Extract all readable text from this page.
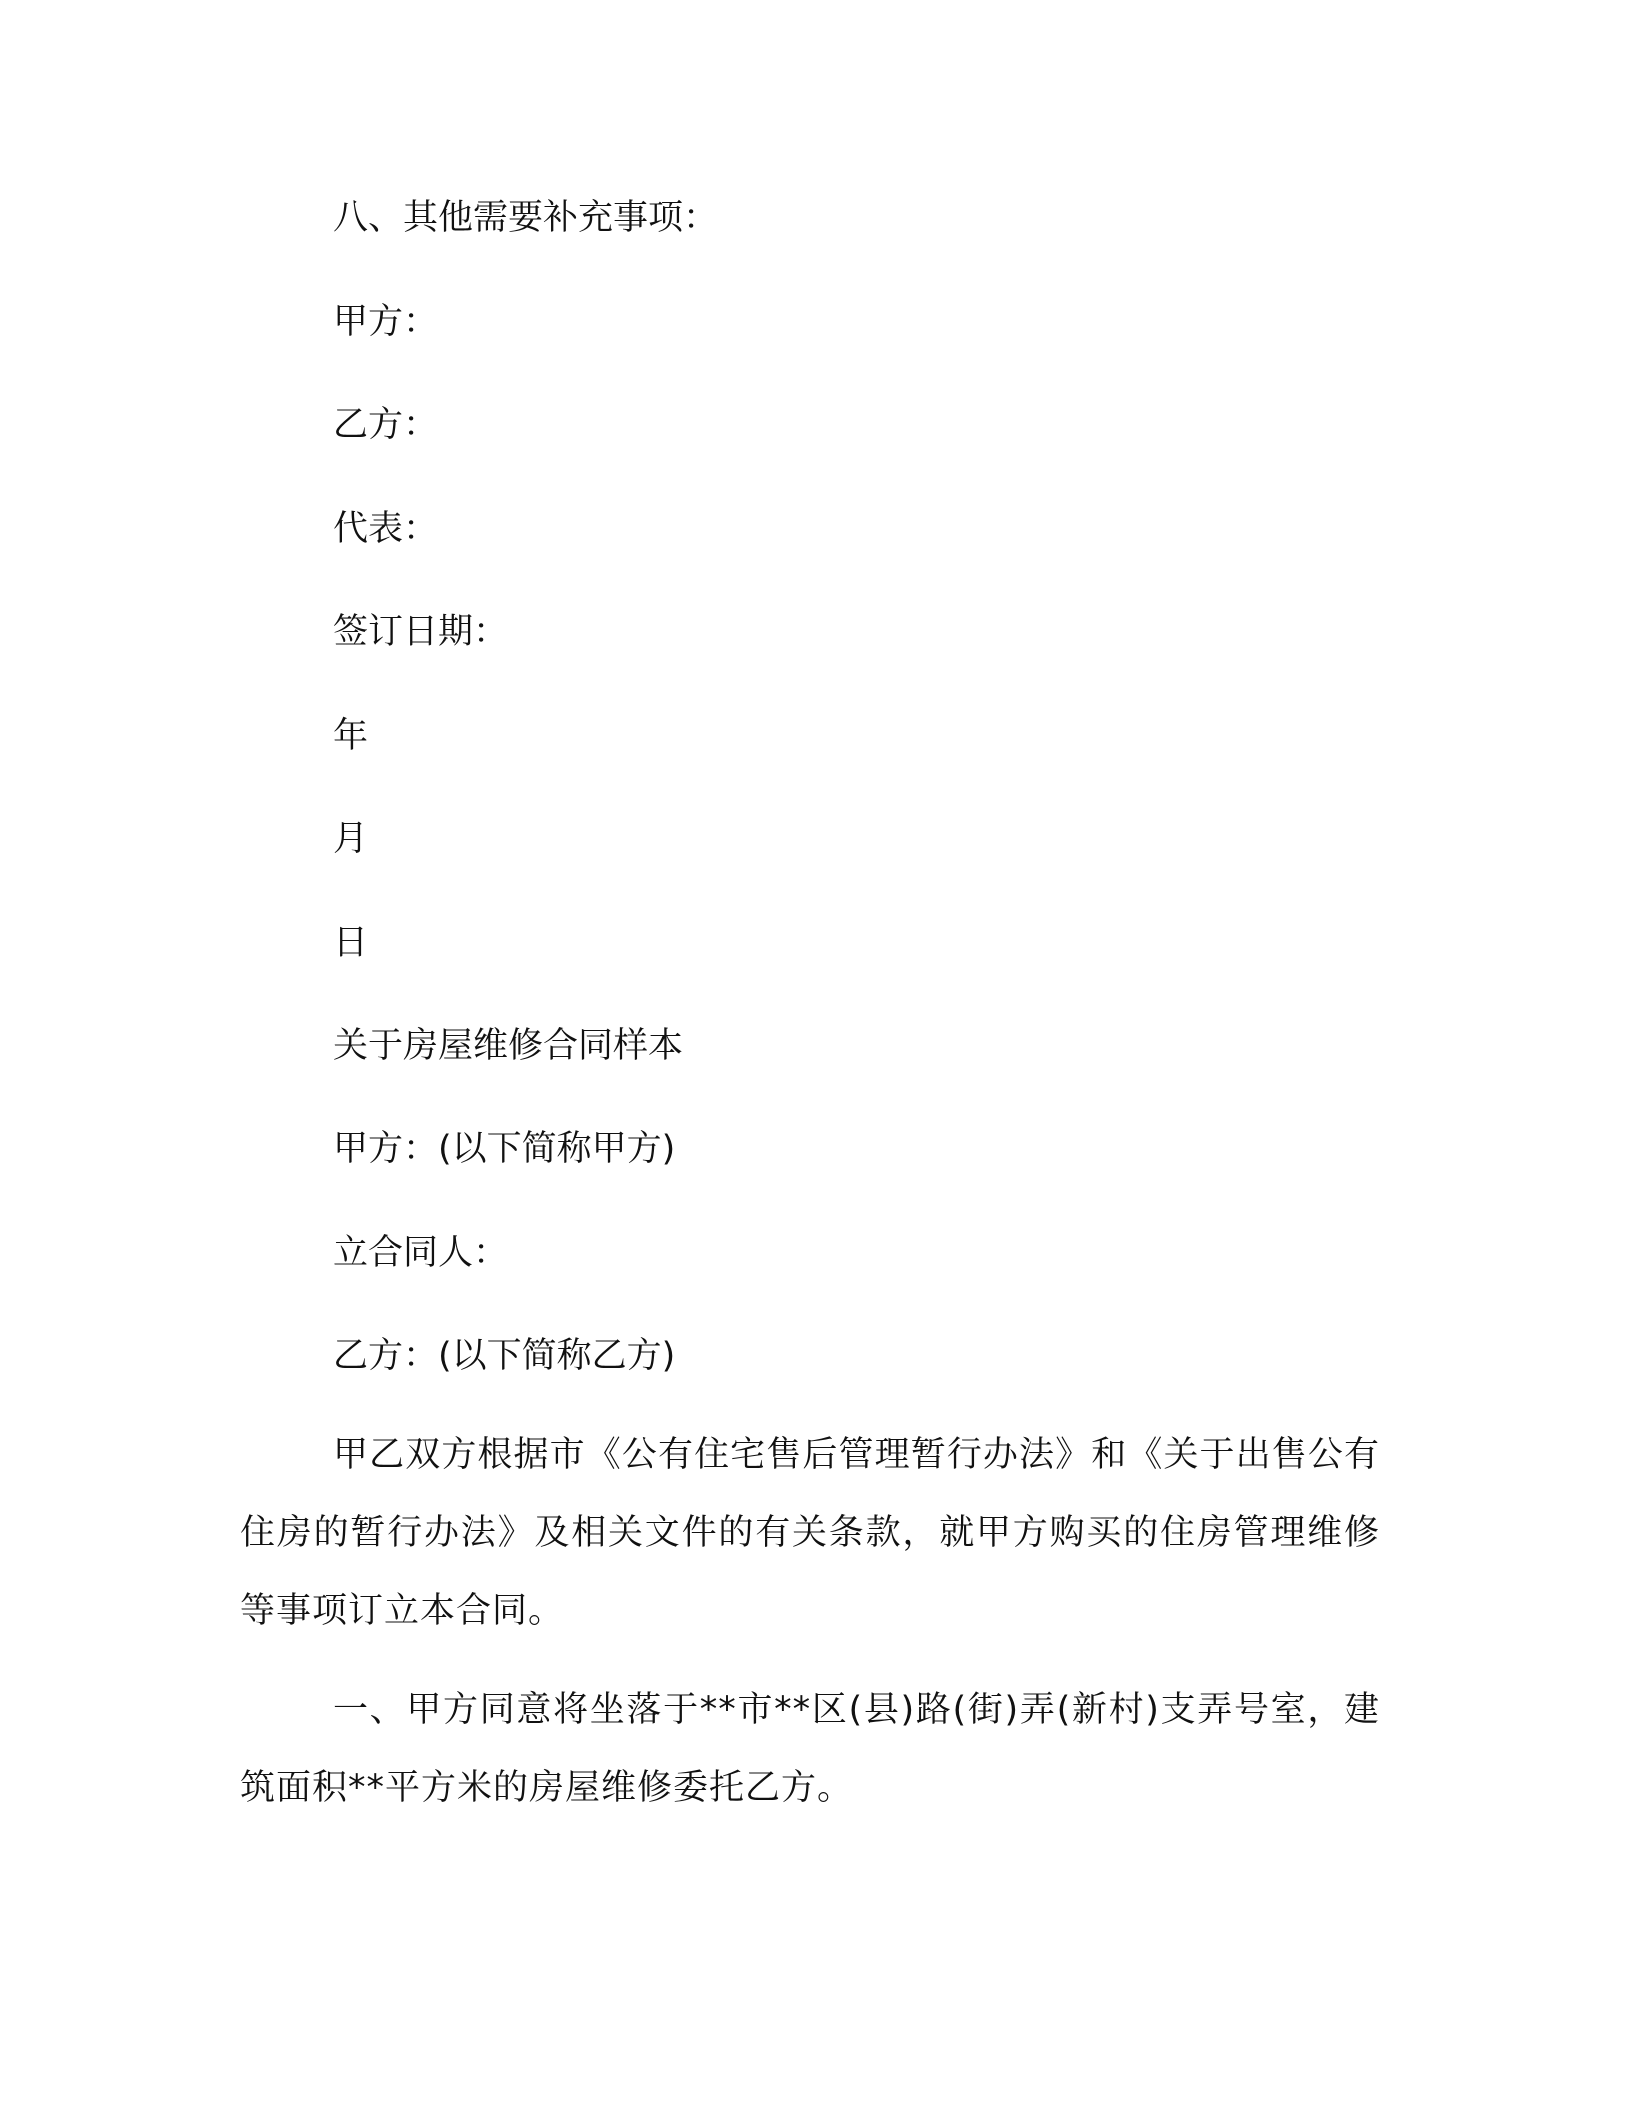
八、其他需要补充事项：
甲方：
乙方：
代表：
签订日期：
年
月
日
关于房屋维修合同样本
甲方：(以下简称甲方)
立合同人：
乙方：(以下简称乙方)
甲乙双方根据市《公有住宅售后管理暂行办法》和《关于出售公有住房的暂行办法》及相关文件的有关条款，就甲方购买的住房管理维修等事项订立本合同。
一、甲方同意将坐落于**市**区(县)路(街)弄(新村)支弄号室，建筑面积**平方米的房屋维修委托乙方。
